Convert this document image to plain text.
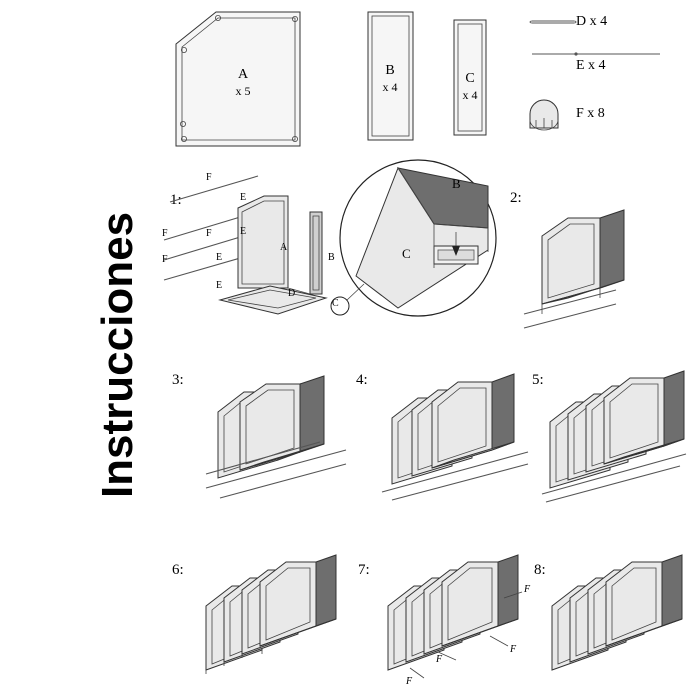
Instrucciones
A
x 5
B
x 4
C
x 4
D x 4
E x 4
F x 8
1:
F
E
F	F	E
F	E
E
A
B
D
C
B
C
2:
3:	4:	5:
6:	7:
F
F
F
F
8:
